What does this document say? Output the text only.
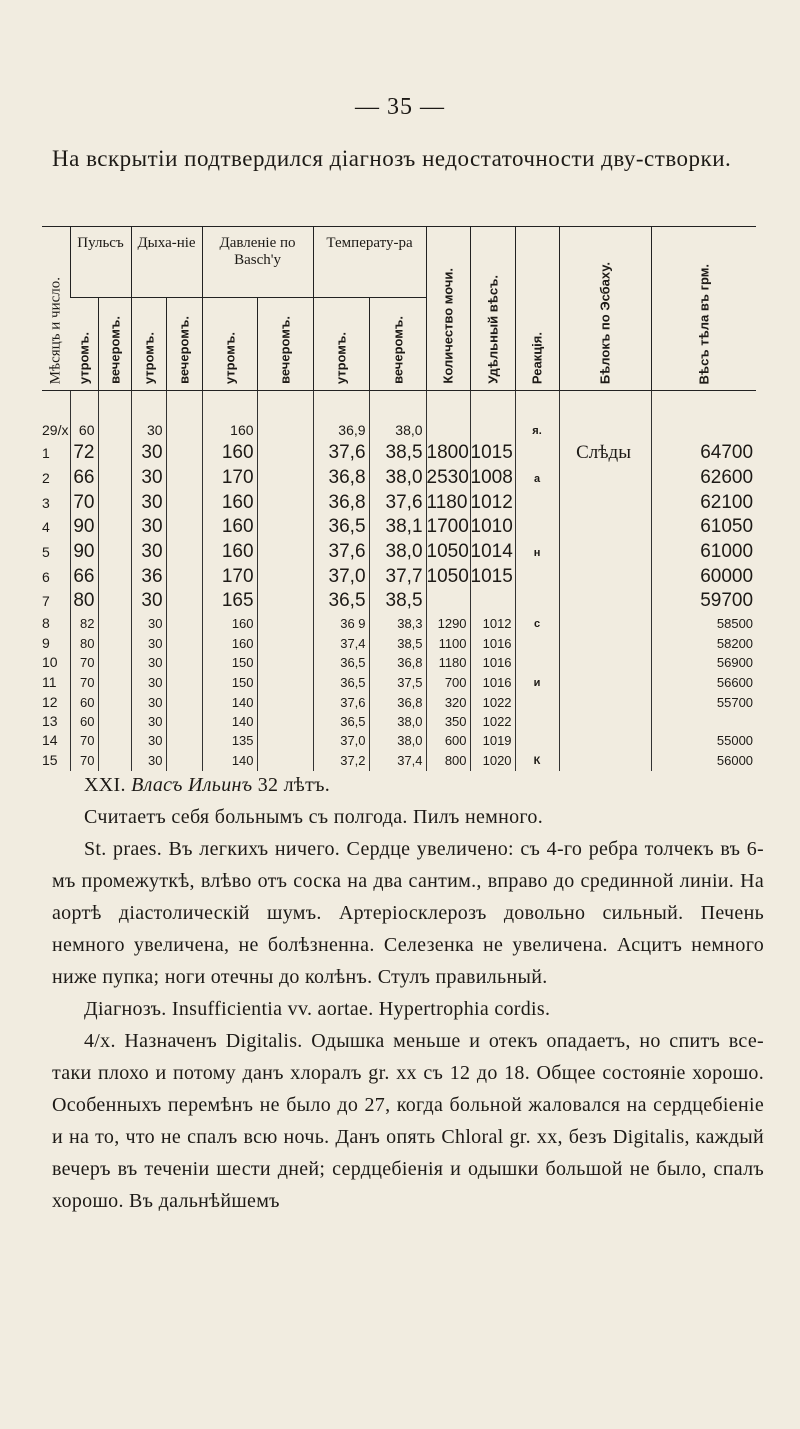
— 35 —
На вскрытіи подтвердился діагнозъ недостаточности дву-створки.
Мѣсяцъ и число.	Пульсъ		Дыха-ніе		Давленіе по Basch'у		Температу-ра		Количество мочи.	Удѣльный вѣсъ.	Реакція.	Бѣлокъ по Эсбаху.	Вѣсъ тѣла въ грм.

	утромъ.	вечеромъ.	утромъ.	вечеромъ.	утромъ.	вечеромъ.	утромъ.	вечеромъ.					

29/x	60		30		160		36,9	38,0			я.		
1	72		30		160		37,6	38,5	1800	1015		Слѣды	64700
2	66		30		170		36,8	38,0	2530	1008	а		62600
3	70		30		160		36,8	37,6	1180	1012			62100
4	90		30		160		36,5	38,1	1700	1010			61050
5	90		30		160		37,6	38,0	1050	1014	н		61000
6	66		36		170		37,0	37,7	1050	1015			60000
7	80		30		165		36,5	38,5					59700
8	82		30		160		36 9	38,3	1290	1012	с		58500
9	80		30		160		37,4	38,5	1100	1016			58200
10	70		30		150		36,5	36,8	1180	1016			56900
11	70		30		150		36,5	37,5	700	1016	и		56600
12	60		30		140		37,6	36,8	320	1022			55700
13	60		30		140		36,5	38,0	350	1022			
14	70		30		135		37,0	38,0	600	1019			55000
15	70		30		140		37,2	37,4	800	1020	К		56000

XXI. Власъ Ильинъ 32 лѣтъ.

Считаетъ себя больнымъ съ полгода. Пилъ немного.

St. praes. Въ легкихъ ничего. Сердце увеличено: съ 4-го ребра толчекъ въ 6-мъ промежуткѣ, влѣво отъ соска на два сантим., вправо до срединной линіи. На аортѣ діастолическій шумъ. Артеріосклерозъ довольно сильный. Печень немного увеличена, не болѣзненна. Селезенка не увеличена. Асцитъ немного ниже пупка; ноги отечны до колѣнъ. Стулъ правильный.

Діагнозъ. Insufficientia vv. aortae. Hypertrophia cordis.

4/x. Назначенъ Digitalis. Одышка меньше и отекъ опадаетъ, но спитъ все-таки плохо и потому данъ хлоралъ gr. xx съ 12 до 18. Общее состояніе хорошо. Особенныхъ перемѣнъ не было до 27, когда больной жаловался на сердцебіеніе и на то, что не спалъ всю ночь. Данъ опять Chloral gr. xx, безъ Digitalis, каждый вечеръ въ теченіи шести дней; сердцебіенія и одышки большой не было, спалъ хорошо. Въ дальнѣйшемъ
